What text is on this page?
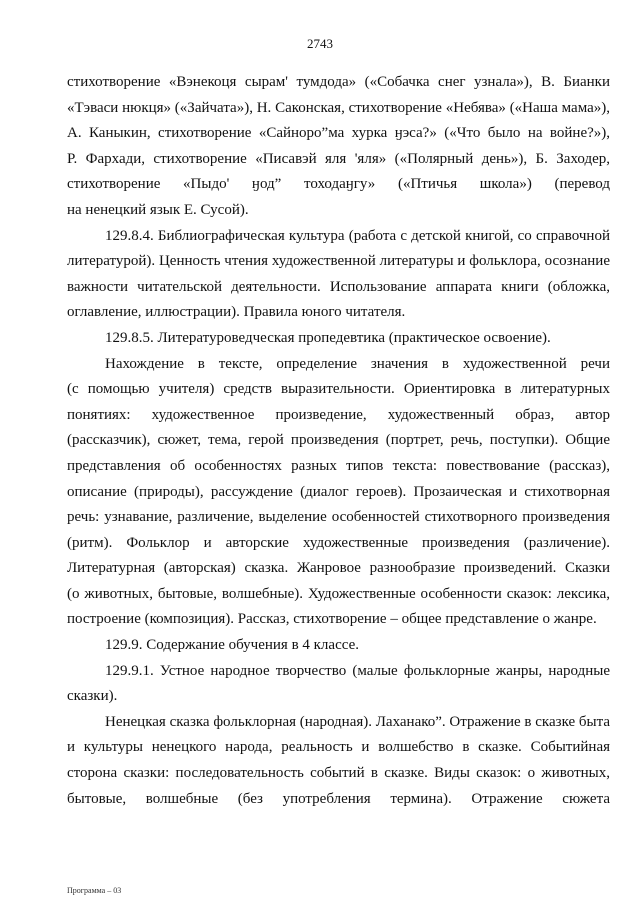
2743

стихотворение «Вэнекоця сырам' тумдода» («Собачка снег узнала»), В. Бианки
«Тэваси нюкця» («Зайчата»), Н. Саконская, стихотворение «Небява» («Наша мама»),
А. Каныкин, стихотворение «Сайноро”ма хурка ӈэса?» («Что было на войне?»),
Р. Фархади, стихотворение «Писавэй яля 'яля» («Полярный день»), Б. Заходер,
стихотворение «Пыдо' ӈод” тоходаӈгу» («Птичья школа») (перевод
на ненецкий язык Е. Сусой).

129.8.4. Библиографическая культура (работа с детской книгой, со справочной
литературой). Ценность чтения художественной литературы и фольклора, осознание
важности читательской деятельности. Использование аппарата книги (обложка,
оглавление, иллюстрации). Правила юного читателя.

129.8.5. Литературоведческая пропедевтика (практическое освоение).

Нахождение в тексте, определение значения в художественной речи
(с помощью учителя) средств выразительности. Ориентировка в литературных
понятиях: художественное произведение, художественный образ, автор
(рассказчик), сюжет, тема, герой произведения (портрет, речь, поступки). Общие
представления об особенностях разных типов текста: повествование (рассказ),
описание (природы), рассуждение (диалог героев). Прозаическая и стихотворная
речь: узнавание, различение, выделение особенностей стихотворного произведения
(ритм). Фольклор и авторские художественные произведения (различение).
Литературная (авторская) сказка. Жанровое разнообразие произведений. Сказки
(о животных, бытовые, волшебные). Художественные особенности сказок: лексика,
построение (композиция). Рассказ, стихотворение – общее представление о жанре.

129.9. Содержание обучения в 4 классе.

129.9.1. Устное народное творчество (малые фольклорные жанры, народные
сказки).

Ненецкая сказка фольклорная (народная). Лаханако”. Отражение в сказке быта
и культуры ненецкого народа, реальность и волшебство в сказке. Событийная
сторона сказки: последовательность событий в сказке. Виды сказок: о животных,
бытовые, волшебные (без употребления термина). Отражение сюжета

Программа – 03
